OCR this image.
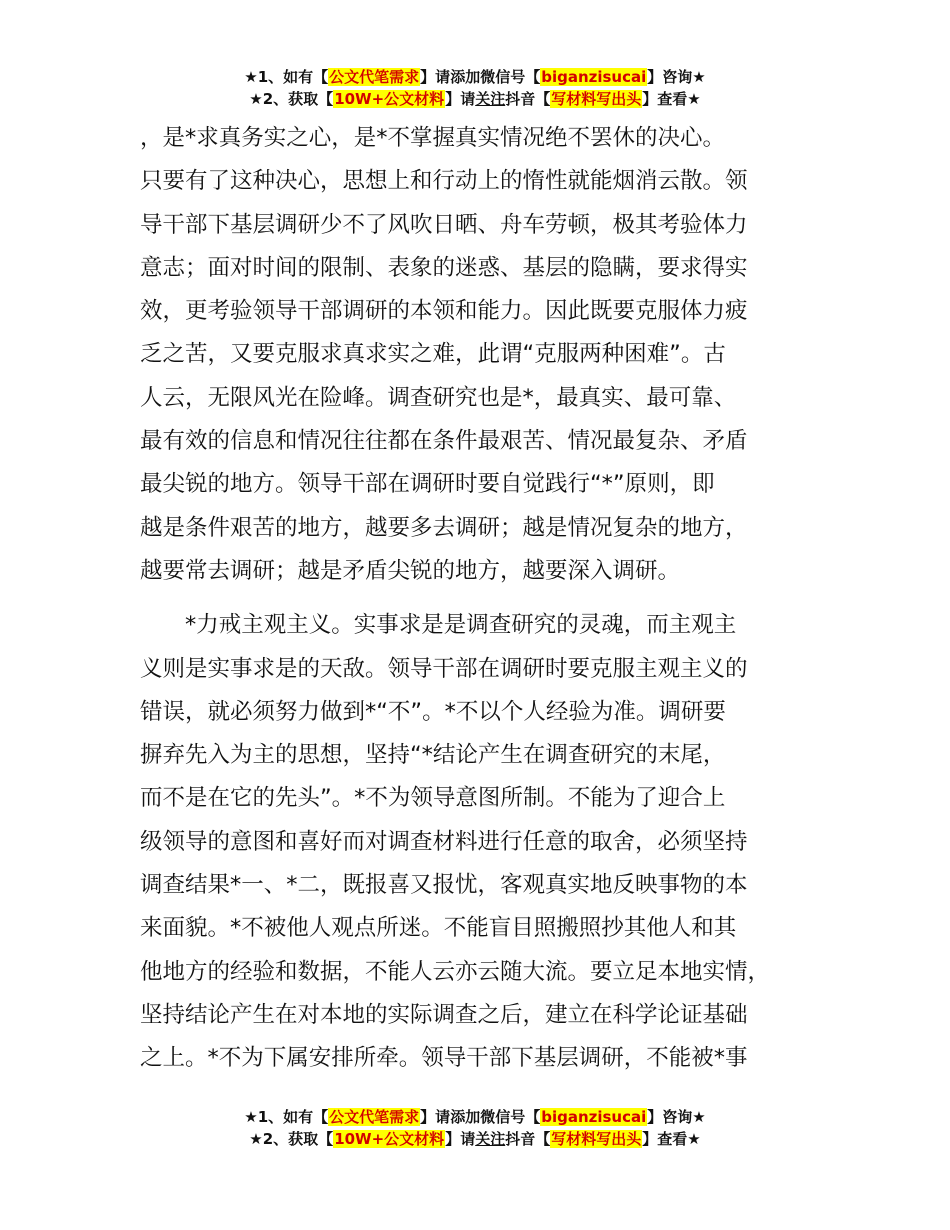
★1、如有【公文代笔需求】请添加微信号【biganzisucai】咨询★
★2、获取【10W+公文材料】请关注抖音【写材料写出头】查看★

，是*求真务实之心，是*不掌握真实情况绝不罢休的决心。
只要有了这种决心，思想上和行动上的惰性就能烟消云散。领
导干部下基层调研少不了风吹日晒、舟车劳顿，极其考验体力
意志；面对时间的限制、表象的迷惑、基层的隐瞒，要求得实
效，更考验领导干部调研的本领和能力。因此既要克服体力疲
乏之苦，又要克服求真求实之难，此谓“克服两种困难”。古
人云，无限风光在险峰。调查研究也是*，最真实、最可靠、
最有效的信息和情况往往都在条件最艰苦、情况最复杂、矛盾
最尖锐的地方。领导干部在调研时要自觉践行“*”原则，即
越是条件艰苦的地方，越要多去调研；越是情况复杂的地方，
越要常去调研；越是矛盾尖锐的地方，越要深入调研。

*力戒主观主义。实事求是是调查研究的灵魂，而主观主
义则是实事求是的天敌。领导干部在调研时要克服主观主义的
错误，就必须努力做到*“不”。*不以个人经验为准。调研要
摒弃先入为主的思想，坚持“*结论产生在调查研究的末尾，
而不是在它的先头”。*不为领导意图所制。不能为了迎合上
级领导的意图和喜好而对调查材料进行任意的取舍，必须坚持
调查结果*一、*二，既报喜又报忧，客观真实地反映事物的本
来面貌。*不被他人观点所迷。不能盲目照搬照抄其他人和其
他地方的经验和数据，不能人云亦云随大流。要立足本地实情，
坚持结论产生在对本地的实际调查之后，建立在科学论证基础
之上。*不为下属安排所牵。领导干部下基层调研，不能被*事

★1、如有【公文代笔需求】请添加微信号【biganzisucai】咨询★
★2、获取【10W+公文材料】请关注抖音【写材料写出头】查看★
